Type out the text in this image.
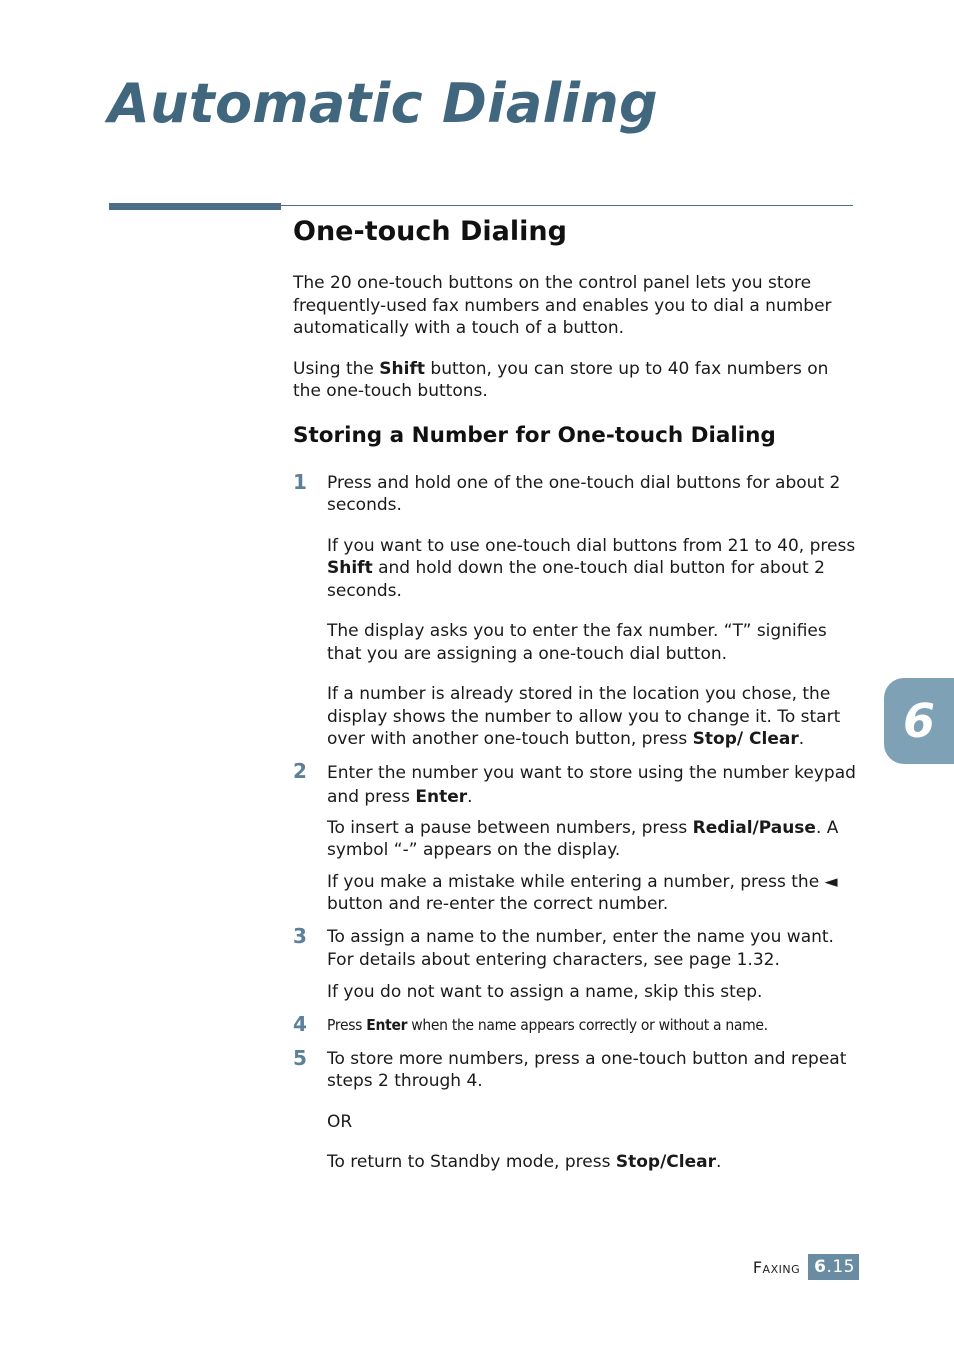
Automatic Dialing
One-touch Dialing

The 20 one-touch buttons on the control panel lets you store frequently-used fax numbers and enables you to dial a number automatically with a touch of a button.

Using the Shift button, you can store up to 40 fax numbers on the one-touch buttons.

Storing a Number for One-touch Dialing
1 Press and hold one of the one-touch dial buttons for about 2 seconds.

If you want to use one-touch dial buttons from 21 to 40, press Shift and hold down the one-touch dial button for about 2 seconds.

The display asks you to enter the fax number. “T” signifies that you are assigning a one-touch dial button.

If a number is already stored in the location you chose, the display shows the number to allow you to change it. To start over with another one-touch button, press Stop/ Clear.

2 Enter the number you want to store using the number keypad and press Enter.

To insert a pause between numbers, press Redial/Pause. A symbol “-” appears on the display.

If you make a mistake while entering a number, press the ◄ button and re-enter the correct number.

3 To assign a name to the number, enter the name you want. For details about entering characters, see page 1.32.

If you do not want to assign a name, skip this step.

4 Press Enter when the name appears correctly or without a name.

5 To store more numbers, press a one-touch button and repeat steps 2 through 4.

OR

To return to Standby mode, press Stop/Clear.

6
Faxing 6.15
